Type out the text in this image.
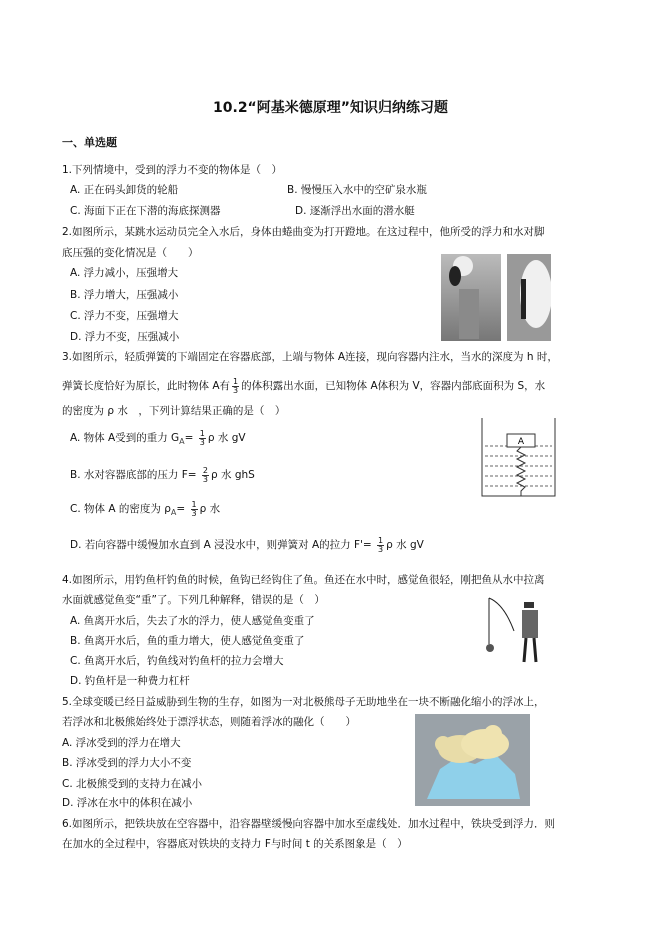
10.2“阿基米德原理”知识归纳练习题
一、单选题
1.下列情境中，受到的浮力不变的物体是（　）
A. 正在码头卸货的轮船	B. 慢慢压入水中的空矿泉水瓶
C. 海面下正在下潜的海底探测器	D. 逐渐浮出水面的潜水艇
2.如图所示，某跳水运动员完全入水后，身体由蜷曲变为打开蹬地。在这过程中，他所受的浮力和水对脚
底压强的变化情况是（　　）
A. 浮力减小，压强增大
B. 浮力增大，压强减小
C. 浮力不变，压强增大
D. 浮力不变，压强减小
3.如图所示，轻质弹簧的下端固定在容器底部，上端与物体 A连接，现向容器内注水，当水的深度为 h 时，
弹簧长度恰好为原长，此时物体 A有 $\frac{1}{3}$ 的体积露出水面，已知物体 A体积为 V，容器内部底面积为 S，水
的密度为 ρ 水　，下列计算结果正确的是（　）
A. 物体 A受到的重力 $G_A= \frac{1}{3}$ ρ 水 gV
B. 水对容器底部的压力 $F= \frac{2}{3}$ ρ 水 ghS
C. 物体 A 的密度为 $\rho_A= \frac{1}{3}$ ρ 水
D. 若向容器中缓慢加水直到 A 浸没水中，则弹簧对 A的拉力 $F'= \frac{1}{3}$ ρ 水 gV
A
4.如图所示，用钓鱼杆钓鱼的时候，鱼钩已经钩住了鱼。鱼还在水中时，感觉鱼很轻，刚把鱼从水中拉离
水面就感觉鱼变“重”了。下列几种解释，错误的是（　）
A. 鱼离开水后，失去了水的浮力，使人感觉鱼变重了
B. 鱼离开水后，鱼的重力增大，使人感觉鱼变重了
C. 鱼离开水后，钓鱼线对钓鱼杆的拉力会增大
D. 钓鱼杆是一种费力杠杆
5.全球变暖已经日益威胁到生物的生存，如图为一对北极熊母子无助地坐在一块不断融化缩小的浮冰上，
若浮冰和北极熊始终处于漂浮状态，则随着浮冰的融化（　　）
A. 浮冰受到的浮力在增大
B. 浮冰受到的浮力大小不变
C. 北极熊受到的支持力在减小
D. 浮冰在水中的体积在减小
6.如图所示，把铁块放在空容器中，沿容器壁缓慢向容器中加水至虚线处．加水过程中，铁块受到浮力．则
在加水的全过程中，容器底对铁块的支持力 F与时间 t 的关系图象是（　）
